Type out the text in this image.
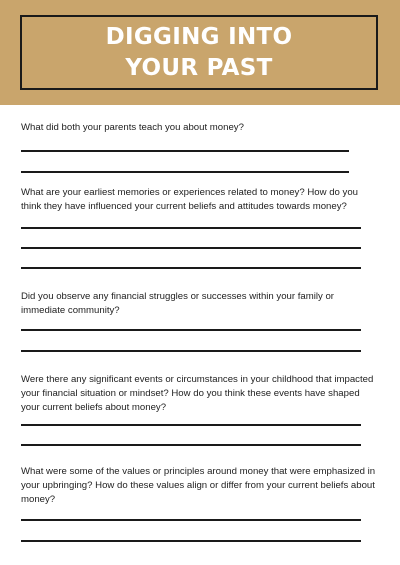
DIGGING INTO
YOUR PAST
What did both your parents teach you about money?
What are your earliest memories or experiences related to money? How do you think they have influenced your current beliefs and attitudes towards money?
Did you observe any financial struggles or successes within your family or immediate community?
Were there any significant events or circumstances in your childhood that impacted your financial situation or mindset? How do you think these events have shaped your current beliefs about money?
What were some of the values or principles around money that were emphasized in your upbringing? How do these values align or differ from your current beliefs about money?
